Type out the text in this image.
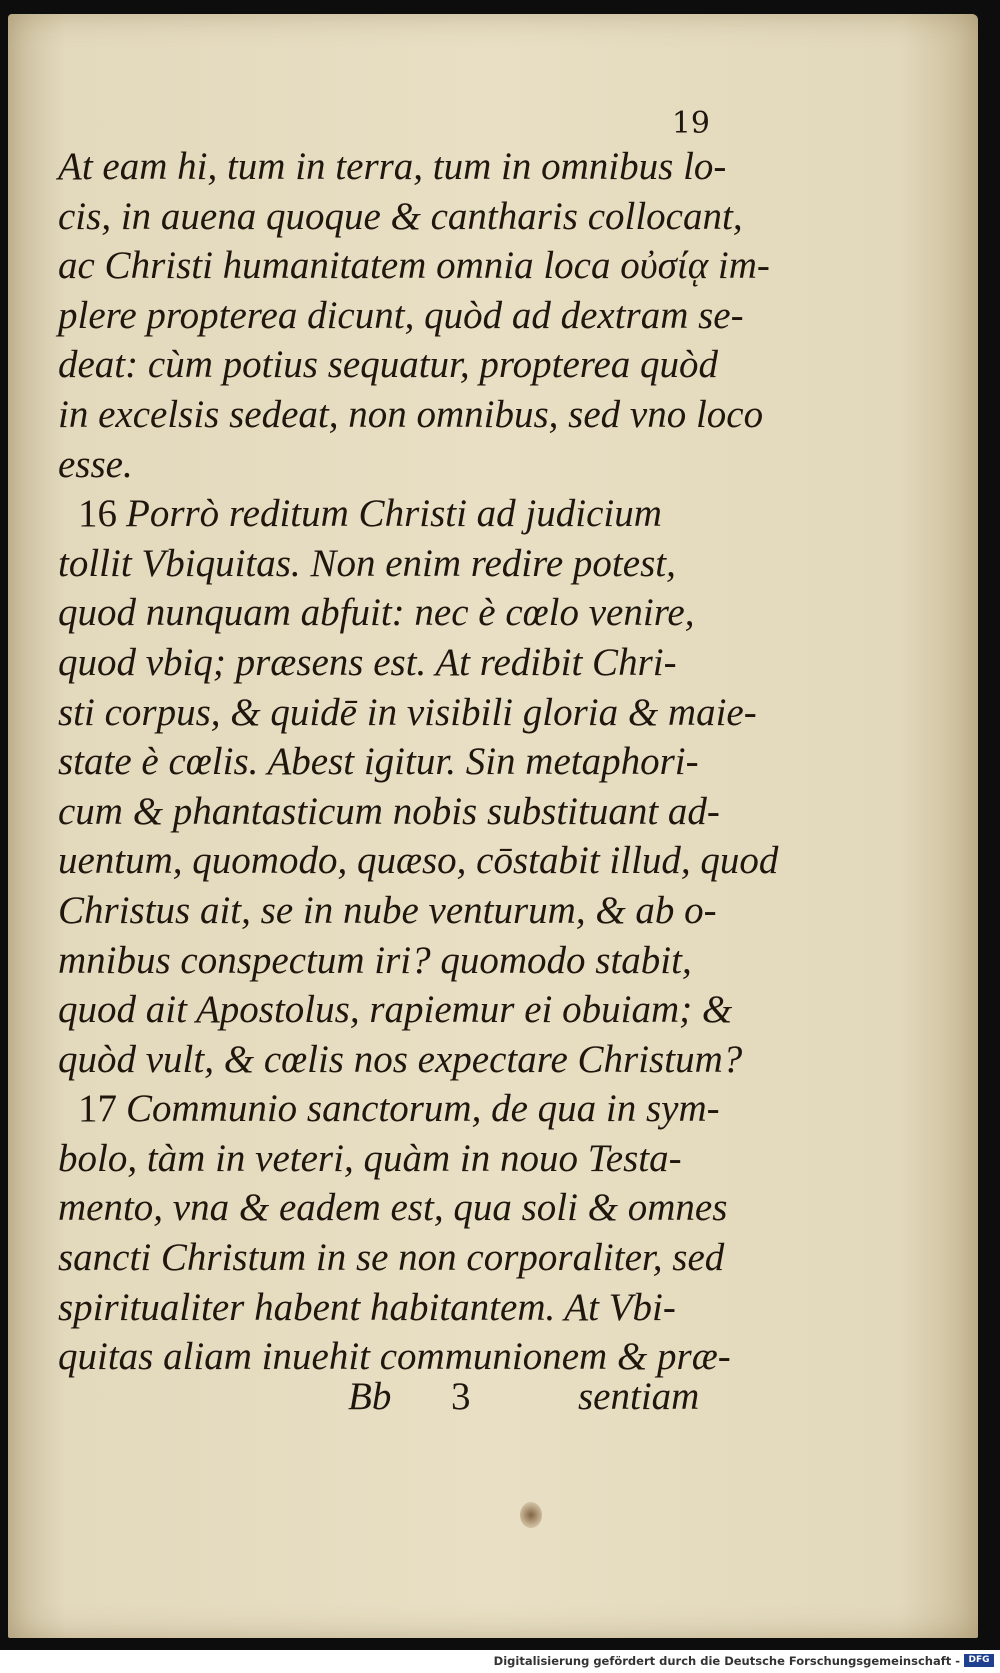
19
At eam hi, tum in terra, tum in omnibus lo-
cis, in auena quoque & cantharis collocant,
ac Christi humanitatem omnia loca οὐσίᾳ im-
plere propterea dicunt, quòd ad dextram se-
deat: cùm potius sequatur, propterea quòd
in excelsis sedeat, non omnibus, sed vno loco
esse.
16 Porrò reditum Christi ad judicium
tollit Vbiquitas. Non enim redire potest,
quod nunquam abfuit: nec è cœlo venire,
quod vbiq; præsens est. At redibit Chri-
sti corpus, & quidē in visibili gloria & maie-
state è cœlis. Abest igitur. Sin metaphori-
cum & phantasticum nobis substituant ad-
uentum, quomodo, quæso, cōstabit illud, quod
Christus ait, se in nube venturum, & ab o-
mnibus conspectum iri? quomodo stabit,
quod ait Apostolus, rapiemur ei obuiam; &
quòd vult, & cœlis nos expectare Christum?
17 Communio sanctorum, de qua in sym-
bolo, tàm in veteri, quàm in nouo Testa-
mento, vna & eadem est, qua soli & omnes
sancti Christum in se non corporaliter, sed
spiritualiter habent habitantem. At Vbi-
quitas aliam inuehit communionem & præ-
Bb 3	sentiam
Digitalisierung gefördert durch die Deutsche Forschungsgemeinschaft - DFG
